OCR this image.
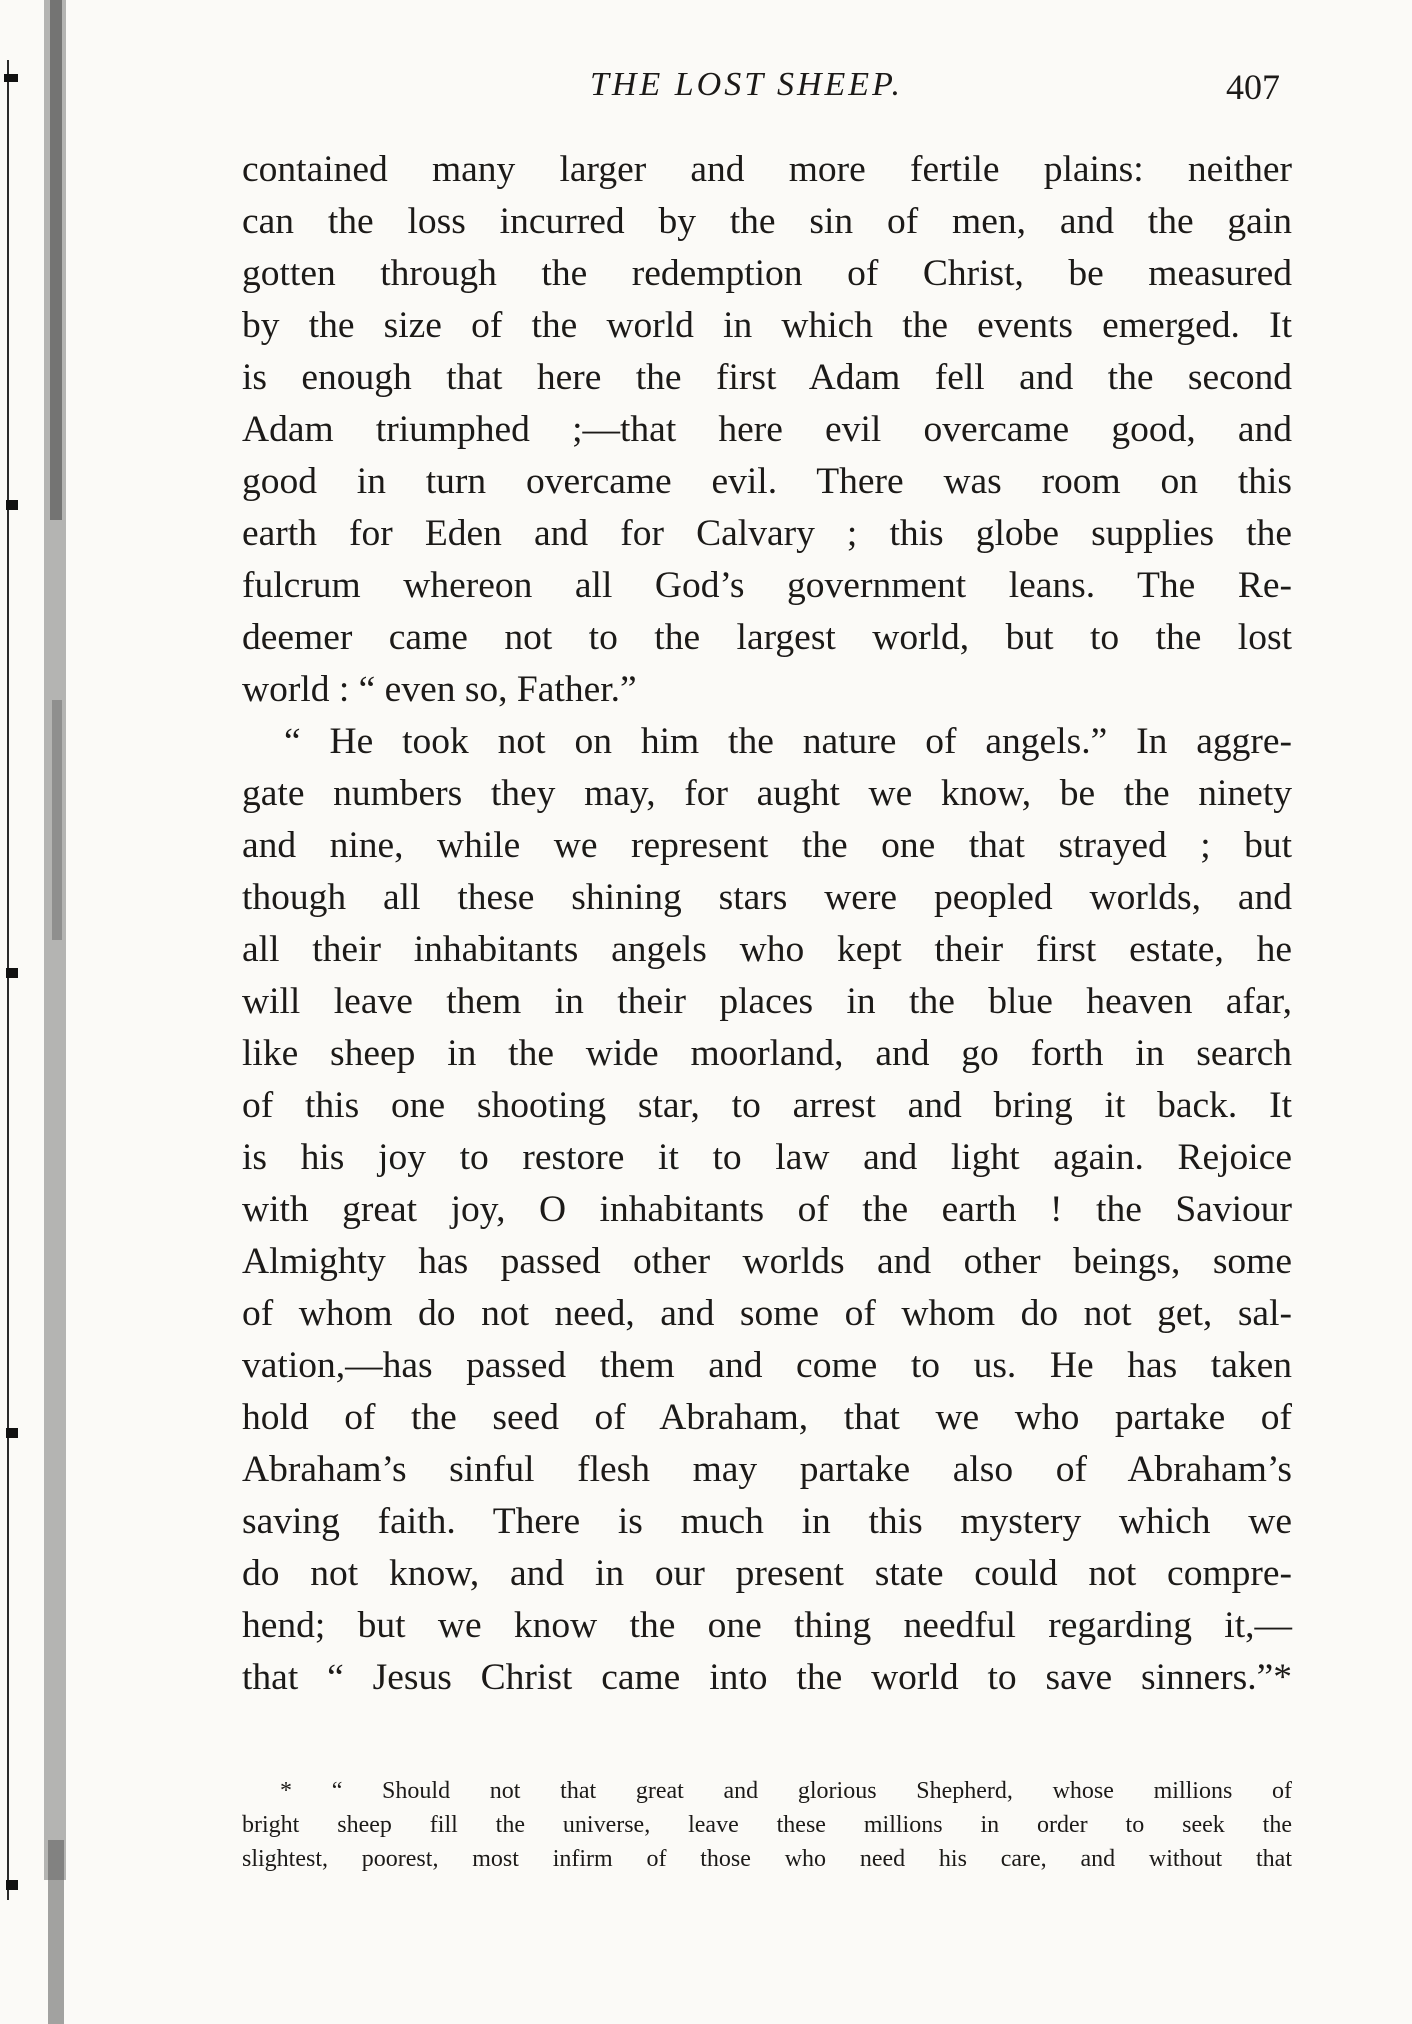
THE LOST SHEEP.	407
contained many larger and more fertile plains: neither
can the loss incurred by the sin of men, and the gain
gotten through the redemption of Christ, be measured
by the size of the world in which the events emerged. It
is enough that here the first Adam fell and the second
Adam triumphed ;—that here evil overcame good, and
good in turn overcame evil. There was room on this
earth for Eden and for Calvary ; this globe supplies the
fulcrum whereon all God’s government leans. The Re-
deemer came not to the largest world, but to the lost
world : “ even so, Father.”
“ He took not on him the nature of angels.” In aggre-
gate numbers they may, for aught we know, be the ninety
and nine, while we represent the one that strayed ; but
though all these shining stars were peopled worlds, and
all their inhabitants angels who kept their first estate, he
will leave them in their places in the blue heaven afar,
like sheep in the wide moorland, and go forth in search
of this one shooting star, to arrest and bring it back. It
is his joy to restore it to law and light again. Rejoice
with great joy, O inhabitants of the earth ! the Saviour
Almighty has passed other worlds and other beings, some
of whom do not need, and some of whom do not get, sal-
vation,—has passed them and come to us. He has taken
hold of the seed of Abraham, that we who partake of
Abraham’s sinful flesh may partake also of Abraham’s
saving faith. There is much in this mystery which we
do not know, and in our present state could not compre-
hend; but we know the one thing needful regarding it,—
that “ Jesus Christ came into the world to save sinners.”*
* “ Should not that great and glorious Shepherd, whose millions of
bright sheep fill the universe, leave these millions in order to seek the
slightest, poorest, most infirm of those who need his care, and without that
